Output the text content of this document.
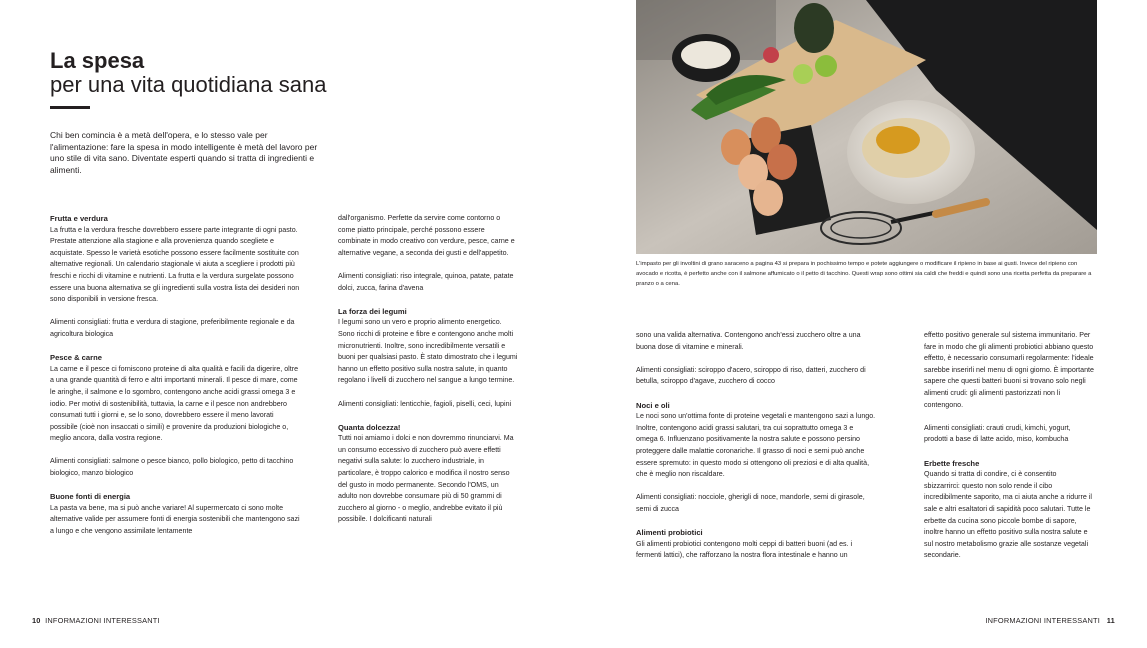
La spesa
per una vita quotidiana sana

Chi ben comincia è a metà dell'opera, e lo stesso vale per l'alimentazione: fare la spesa in modo intelligente è metà del lavoro per uno stile di vita sano. Diventate esperti quando si tratta di ingredienti e alimenti.

Frutta e verdura

La frutta e la verdura fresche dovrebbero essere parte integrante di ogni pasto. Prestate attenzione alla stagione e alla provenienza quando scegliete e acquistate. Spesso le varietà esotiche possono essere facilmente sostituite con alternative regionali. Un calendario stagionale vi aiuta a scegliere i prodotti più freschi e ricchi di vitamine e nutrienti. La frutta e la verdura surgelate possono essere una buona alternativa se gli ingredienti sulla vostra lista dei desideri non sono disponibili in versione fresca.

Alimenti consigliati: frutta e verdura di stagione, preferibilmente regionale e da agricoltura biologica

Pesce & carne

La carne e il pesce ci forniscono proteine di alta qualità e facili da digerire, oltre a una grande quantità di ferro e altri importanti minerali. Il pesce di mare, come le aringhe, il salmone e lo sgombro, contengono anche acidi grassi omega 3 e iodio. Per motivi di sostenibilità, tuttavia, la carne e il pesce non andrebbero consumati tutti i giorni e, se lo sono, dovrebbero essere il meno lavorati possibile (cioè non insaccati o simili) e provenire da produzioni biologiche o, meglio ancora, dalla vostra regione.

Alimenti consigliati: salmone o pesce bianco, pollo biologico, petto di tacchino biologico, manzo biologico

Buone fonti di energia

La pasta va bene, ma si può anche variare! Al supermercato ci sono molte alternative valide per assumere fonti di energia sostenibili che mantengono sazi a lungo e che vengono assimilate lentamente

dall'organismo. Perfette da servire come contorno o come piatto principale, perché possono essere combinate in modo creativo con verdure, pesce, carne e alternative vegane, a seconda dei gusti e dell'appetito.

Alimenti consigliati: riso integrale, quinoa, patate, patate dolci, zucca, farina d'avena

La forza dei legumi

I legumi sono un vero e proprio alimento energetico. Sono ricchi di proteine e fibre e contengono anche molti micronutrienti. Inoltre, sono incredibilmente versatili e buoni per qualsiasi pasto. È stato dimostrato che i legumi hanno un effetto positivo sulla nostra salute, in quanto regolano i livelli di zucchero nel sangue a lungo termine.

Alimenti consigliati: lenticchie, fagioli, piselli, ceci, lupini

Quanta dolcezza!

Tutti noi amiamo i dolci e non dovremmo rinunciarvi. Ma un consumo eccessivo di zucchero può avere effetti negativi sulla salute: lo zucchero industriale, in particolare, è troppo calorico e modifica il nostro senso del gusto in modo permanente. Secondo l'OMS, un adulto non dovrebbe consumare più di 50 grammi di zucchero al giorno - o meglio, andrebbe evitato il più possibile. I dolcificanti naturali

L'impasto per gli involtini di grano saraceno a pagina 43 si prepara in pochissimo tempo e potete aggiungere o modificare il ripieno in base ai gusti. Invece del ripieno con avocado e ricotta, è perfetto anche con il salmone affumicato o il petto di tacchino. Questi wrap sono ottimi sia caldi che freddi e quindi sono una ricetta perfetta da preparare a pranzo o a cena.

sono una valida alternativa. Contengono anch'essi zucchero oltre a una buona dose di vitamine e minerali.

Alimenti consigliati: sciroppo d'acero, sciroppo di riso, datteri, zucchero di betulla, sciroppo d'agave, zucchero di cocco

Noci e oli

Le noci sono un'ottima fonte di proteine vegetali e mantengono sazi a lungo. Inoltre, contengono acidi grassi salutari, tra cui soprattutto omega 3 e omega 6. Influenzano positivamente la nostra salute e possono persino proteggere dalle malattie coronariche. Il grasso di noci e semi può anche essere spremuto: in questo modo si ottengono oli preziosi e di alta qualità, che è meglio non riscaldare.

Alimenti consigliati: nocciole, gherigli di noce, mandorle, semi di girasole, semi di zucca

Alimenti probiotici

Gli alimenti probiotici contengono molti ceppi di batteri buoni (ad es. i fermenti lattici), che rafforzano la nostra flora intestinale e hanno un

effetto positivo generale sul sistema immunitario. Per fare in modo che gli alimenti probiotici abbiano questo effetto, è necessario consumarli regolarmente: l'ideale sarebbe inserirli nel menu di ogni giorno. È importante sapere che questi batteri buoni si trovano solo negli alimenti crudi: gli alimenti pastorizzati non li contengono.

Alimenti consigliati: crauti crudi, kimchi, yogurt, prodotti a base di latte acido, miso, kombucha

Erbette fresche

Quando si tratta di condire, ci è consentito sbizzarrirci: questo non solo rende il cibo incredibilmente saporito, ma ci aiuta anche a ridurre il sale e altri esaltatori di sapidità poco salutari. Tutte le erbette da cucina sono piccole bombe di sapore, inoltre hanno un effetto positivo sulla nostra salute e sul nostro metabolismo grazie alle sostanze vegetali secondarie.

10 INFORMAZIONI INTERESSANTI	INFORMAZIONI INTERESSANTI 11
